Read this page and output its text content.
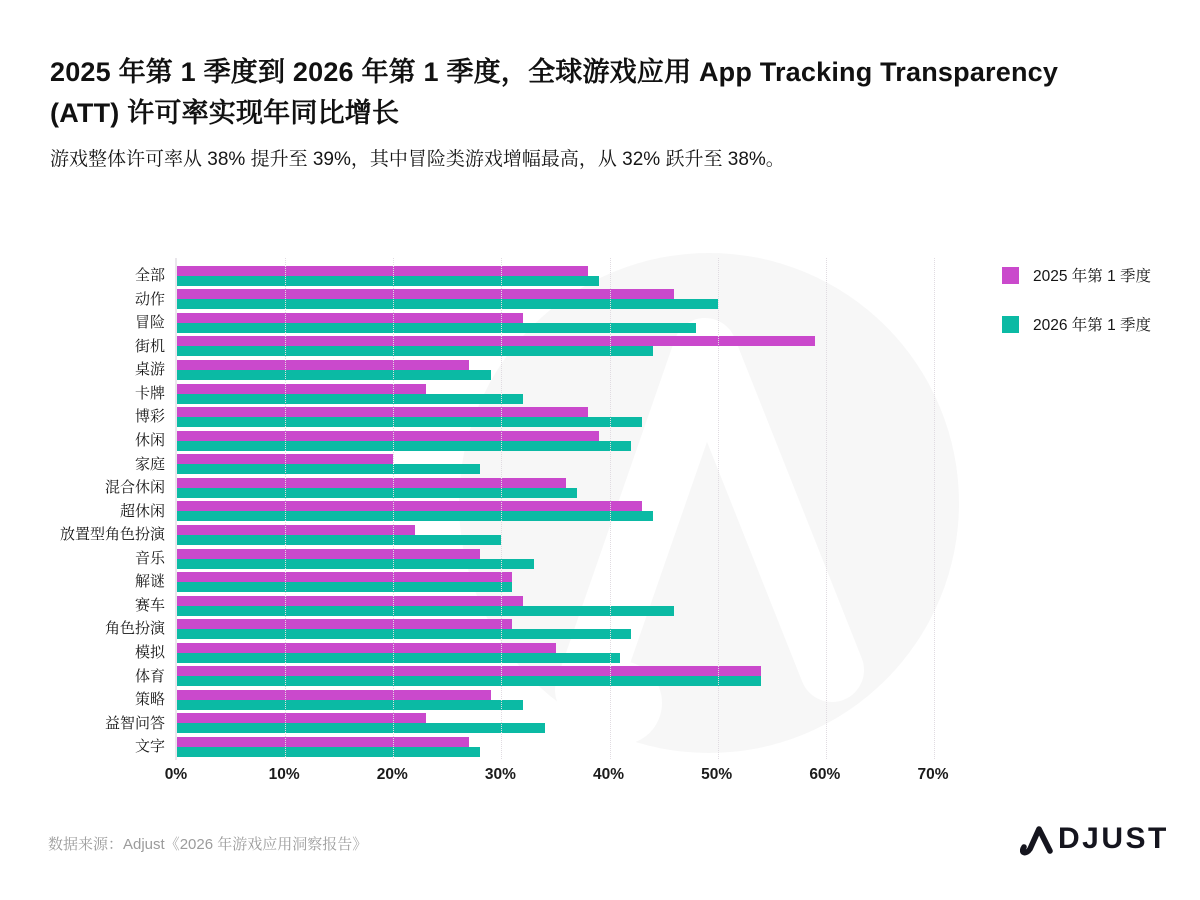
2025 年第 1 季度到 2026 年第 1 季度，全球游戏应用 App Tracking Transparency
(ATT) 许可率实现年同比增长
游戏整体许可率从 38% 提升至 39%，其中冒险类游戏增幅最高，从 32% 跃升至 38%。
全部
动作
冒险
街机
桌游
卡牌
博彩
休闲
家庭
混合休闲
超休闲
放置型角色扮演
音乐
解谜
赛车
角色扮演
模拟
体育
策略
益智问答
文字
0%	10%	20%	30%	40%	50%	60%	70%
2025 年第 1 季度
2026 年第 1 季度
数据来源：Adjust《2026 年游戏应用洞察报告》	DJUST
